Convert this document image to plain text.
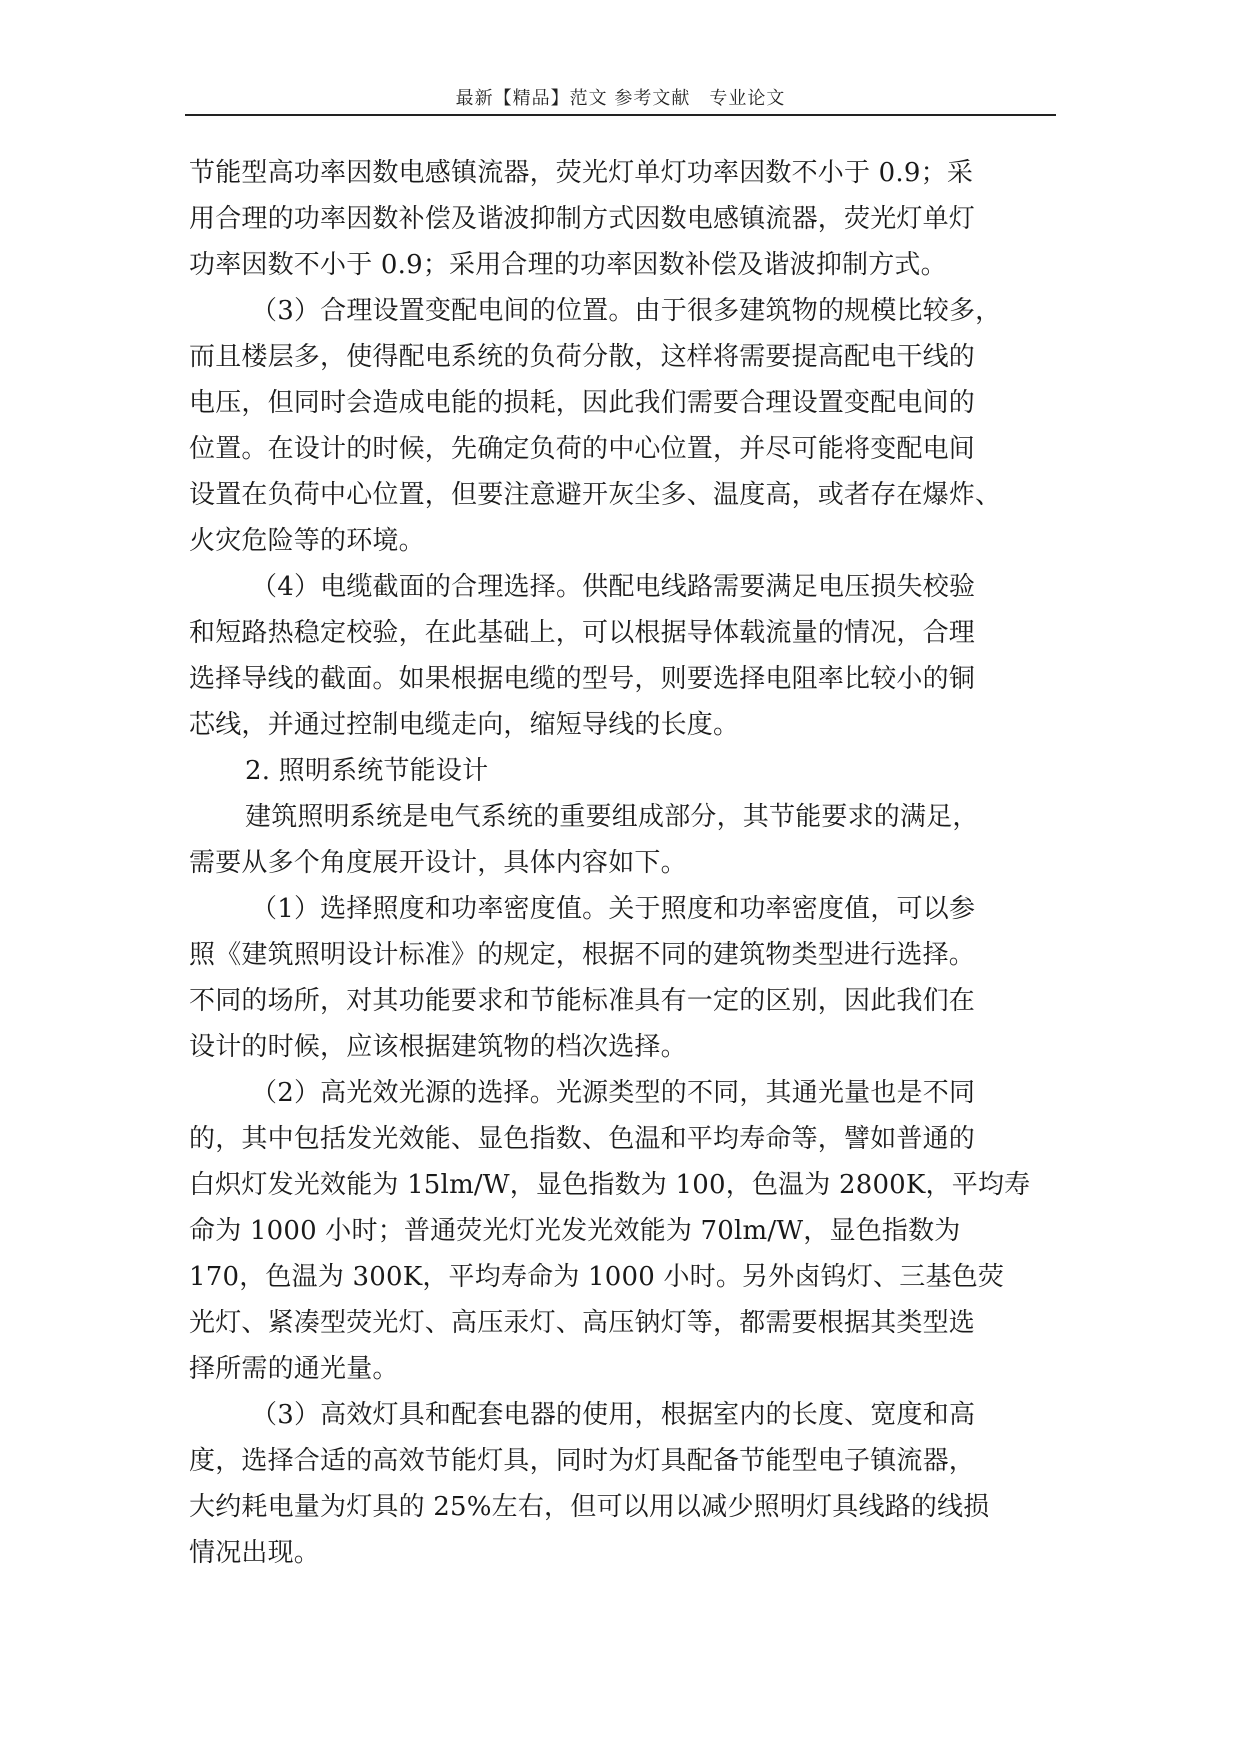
最新【精品】范文 参考文献　专业论文
节能型高功率因数电感镇流器，荧光灯单灯功率因数不小于 0.9；采
用合理的功率因数补偿及谐波抑制方式因数电感镇流器，荧光灯单灯
功率因数不小于 0.9；采用合理的功率因数补偿及谐波抑制方式。
（3）合理设置变配电间的位置。由于很多建筑物的规模比较多，
而且楼层多，使得配电系统的负荷分散，这样将需要提高配电干线的
电压，但同时会造成电能的损耗，因此我们需要合理设置变配电间的
位置。在设计的时候，先确定负荷的中心位置，并尽可能将变配电间
设置在负荷中心位置，但要注意避开灰尘多、温度高，或者存在爆炸、
火灾危险等的环境。
（4）电缆截面的合理选择。供配电线路需要满足电压损失校验
和短路热稳定校验，在此基础上，可以根据导体载流量的情况，合理
选择导线的截面。如果根据电缆的型号，则要选择电阻率比较小的铜
芯线，并通过控制电缆走向，缩短导线的长度。
2. 照明系统节能设计
建筑照明系统是电气系统的重要组成部分，其节能要求的满足，
需要从多个角度展开设计，具体内容如下。
（1）选择照度和功率密度值。关于照度和功率密度值，可以参
照《建筑照明设计标准》的规定，根据不同的建筑物类型进行选择。
不同的场所，对其功能要求和节能标准具有一定的区别，因此我们在
设计的时候，应该根据建筑物的档次选择。
（2）高光效光源的选择。光源类型的不同，其通光量也是不同
的，其中包括发光效能、显色指数、色温和平均寿命等，譬如普通的
白炽灯发光效能为 15lm/W，显色指数为 100，色温为 2800K，平均寿
命为 1000 小时；普通荧光灯光发光效能为 70lm/W，显色指数为
170，色温为 300K，平均寿命为 1000 小时。另外卤钨灯、三基色荧
光灯、紧凑型荧光灯、高压汞灯、高压钠灯等，都需要根据其类型选
择所需的通光量。
（3）高效灯具和配套电器的使用，根据室内的长度、宽度和高
度，选择合适的高效节能灯具，同时为灯具配备节能型电子镇流器，
大约耗电量为灯具的 25%左右，但可以用以减少照明灯具线路的线损
情况出现。
